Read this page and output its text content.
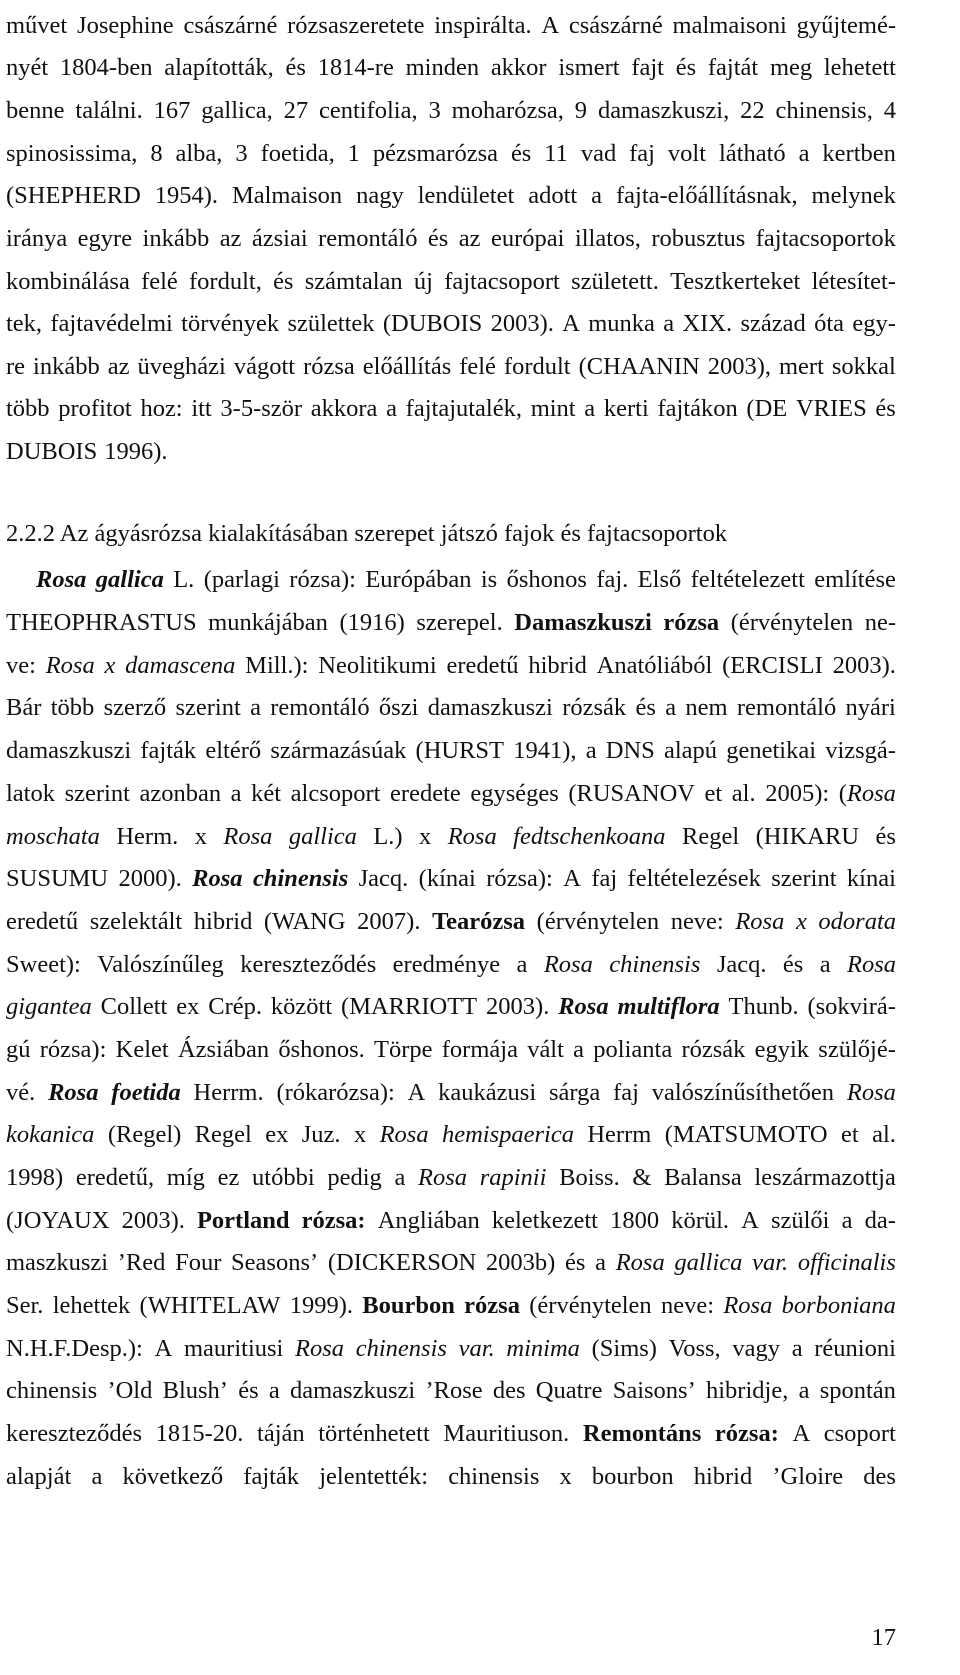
művet Josephine császárné rózsaszeretete inspirálta. A császárné malmaisoni gyűjtemé-
nyét 1804-ben alapították, és 1814-re minden akkor ismert fajt és fajtát meg lehetett
benne találni. 167 gallica, 27 centifolia, 3 moharózsa, 9 damaszkuszi, 22 chinensis, 4
spinosissima, 8 alba, 3 foetida, 1 pézsmarózsa és 11 vad faj volt látható a kertben
(SHEPHERD 1954). Malmaison nagy lendületet adott a fajta-előállításnak, melynek
iránya egyre inkább az ázsiai remontáló és az európai illatos, robusztus fajtacsoportok
kombinálása felé fordult, és számtalan új fajtacsoport született. Tesztkerteket létesítet-
tek, fajtavédelmi törvények születtek (DUBOIS 2003). A munka a XIX. század óta egy-
re inkább az üvegházi vágott rózsa előállítás felé fordult (CHAANIN 2003), mert sokkal
több profitot hoz: itt 3-5-ször akkora a fajtajutalék, mint a kerti fajtákon (DE VRIES és
DUBOIS 1996).
2.2.2 Az ágyásrózsa kialakításában szerepet játszó fajok és fajtacsoportok
Rosa gallica L. (parlagi rózsa): Európában is őshonos faj. Első feltételezett említése
THEOPHRASTUS munkájában (1916) szerepel. Damaszkuszi rózsa (érvénytelen ne-
ve: Rosa x damascena Mill.): Neolitikumi eredetű hibrid Anatóliából (ERCISLI 2003).
Bár több szerző szerint a remontáló őszi damaszkuszi rózsák és a nem remontáló nyári
damaszkuszi fajták eltérő származásúak (HURST 1941), a DNS alapú genetikai vizsgá-
latok szerint azonban a két alcsoport eredete egységes (RUSANOV et al. 2005): (Rosa
moschata Herm. x Rosa gallica L.) x Rosa fedtschenkoana Regel (HIKARU és
SUSUMU 2000). Rosa chinensis Jacq. (kínai rózsa): A faj feltételezések szerint kínai
eredetű szelektált hibrid (WANG 2007). Tearózsa (érvénytelen neve: Rosa x odorata
Sweet): Valószínűleg kereszteződés eredménye a Rosa chinensis Jacq. és a Rosa
gigantea Collett ex Crép. között (MARRIOTT 2003). Rosa multiflora Thunb. (sokvirá-
gú rózsa): Kelet Ázsiában őshonos. Törpe formája vált a polianta rózsák egyik szülőjé-
vé. Rosa foetida Herrm. (rókarózsa): A kaukázusi sárga faj valószínűsíthetően Rosa
kokanica (Regel) Regel ex Juz. x Rosa hemispaerica Herrm (MATSUMOTO et al.
1998) eredetű, míg ez utóbbi pedig a Rosa rapinii Boiss. & Balansa leszármazottja
(JOYAUX 2003). Portland rózsa: Angliában keletkezett 1800 körül. A szülői a da-
maszkuszi ’Red Four Seasons’ (DICKERSON 2003b) és a Rosa gallica var. officinalis
Ser. lehettek (WHITELAW 1999). Bourbon rózsa (érvénytelen neve: Rosa borboniana
N.H.F.Desp.): A mauritiusi Rosa chinensis var. minima (Sims) Voss, vagy a réunioni
chinensis ’Old Blush’ és a damaszkuszi ’Rose des Quatre Saisons’ hibridje, a spontán
kereszteződés 1815-20. táján történhetett Mauritiuson. Remontáns rózsa: A csoport
alapját a következő fajták jelentették: chinensis x bourbon hibrid ’Gloire des
17
